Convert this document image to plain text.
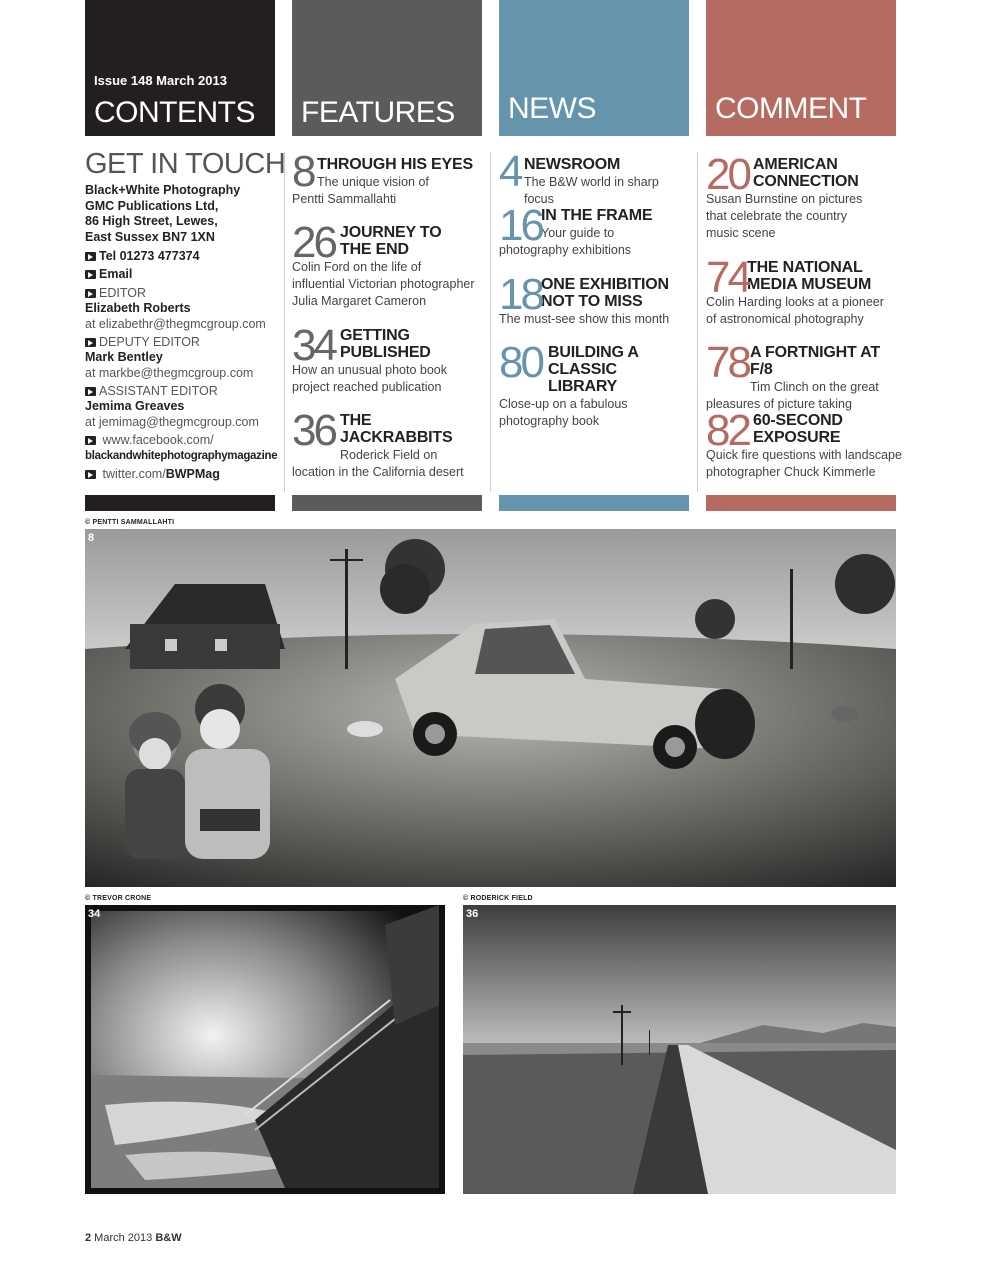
Issue 148 March 2013
CONTENTS FEATURES NEWS	COMMENT
GET IN TOUCH
Black+White Photography
GMC Publications Ltd,
86 High Street, Lewes,
East Sussex BN7 1XN
Tel 01273 477374
Email
EDITOR
Elizabeth Roberts
at elizabethr@thegmcgroup.com
DEPUTY EDITOR
Mark Bentley
at markbe@thegmcgroup.com
ASSISTANT EDITOR
Jemima Greaves
at jemimag@thegmcgroup.com
www.facebook.com/
blackandwhitephotographymagazine
twitter.com/BWPMag
8 THROUGH HIS EYES
The unique vision of
Pentti Sammallahti
26 JOURNEY TO
THE END
Colin Ford on the life of
influential Victorian photographer
Julia Margaret Cameron
34 GETTING
PUBLISHED
How an unusual photo book
project reached publication
36 THE JACKRABBITS
Roderick Field on
location in the California desert
4 NEWSROOM
The B&W world in sharp focus
16 IN THE FRAME
Your guide to
photography exhibitions
18 ONE EXHIBITION
NOT TO MISS
The must-see show this month
80 BUILDING A
CLASSIC LIBRARY
Close-up on a fabulous
photography book
20 AMERICAN
CONNECTION
Susan Burnstine on pictures
that celebrate the country
music scene
74
THE NATIONAL
MEDIA MUSEUM
Colin Harding looks at a pioneer
of astronomical photography
78 A FORTNIGHT AT F/8
Tim Clinch on the great
pleasures of picture taking
82 60-SECOND
EXPOSURE
Quick fire questions with landscape
photographer Chuck Kimmerle
© PENTTI SAMMALLAHTI
8
© TREVOR CRONE
34
© RODERICK FIELD
36
2 March 2013 B&W
